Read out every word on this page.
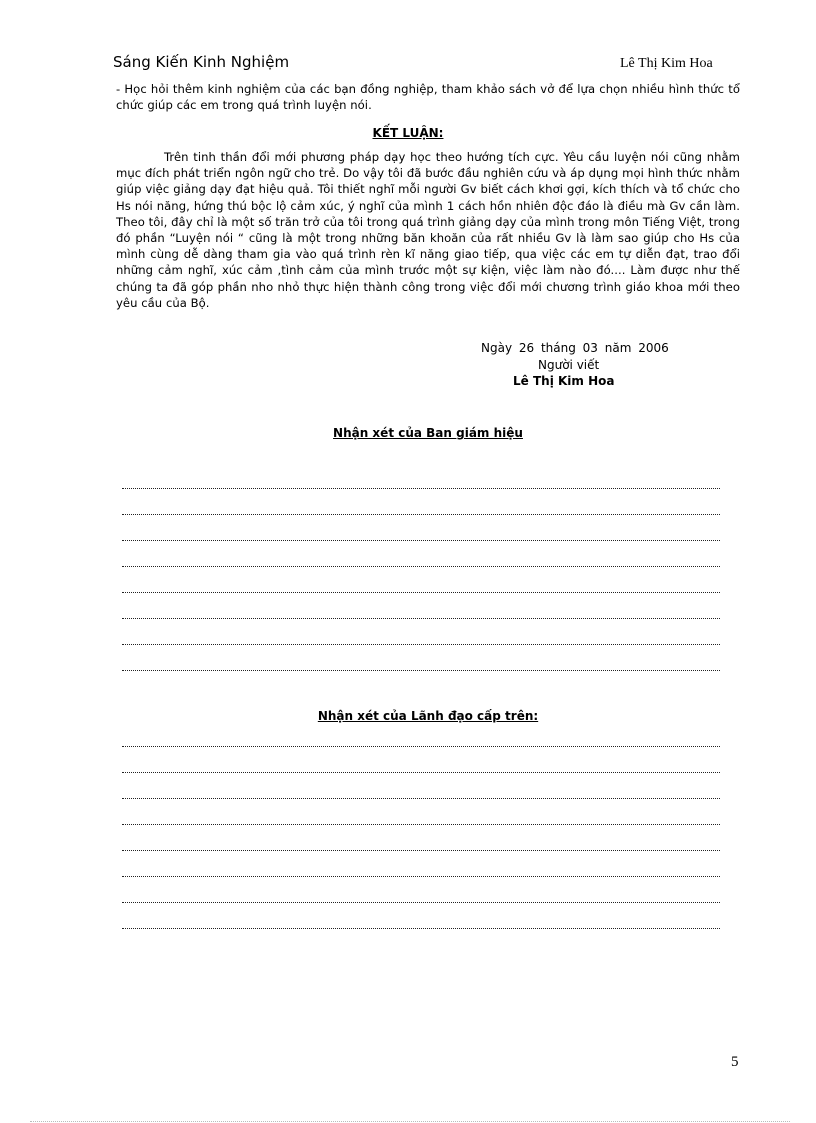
Sáng Kiến Kinh Nghiệm	Lê Thị Kim Hoa
- Học hỏi thêm kinh nghiệm của các bạn đồng nghiệp, tham khảo sách vở để lựa chọn nhiều hình thức tổ chức giúp các em trong quá trình luyện nói.
KẾT LUẬN:
Trên tinh thần đổi mới phương pháp dạy học theo hướng tích cực. Yêu cầu luyện nói cũng nhằm mục đích phát triển ngôn ngữ cho trẻ. Do vậy tôi đã bước đầu nghiên cứu và áp dụng mọi hình thức nhằm giúp việc giảng dạy đạt hiệu quả. Tôi thiết nghĩ mỗi người Gv biết cách khơi gợi, kích thích và tổ chức cho Hs nói năng, hứng thú bộc lộ cảm xúc, ý nghĩ của mình 1 cách hồn nhiên độc đáo là điều mà Gv cần làm. Theo tôi, đây chỉ là một số trăn trở của tôi trong quá trình giảng dạy của mình trong môn Tiếng Việt, trong đó phần “Luyện nói “ cũng là một trong những băn khoăn của rất nhiều Gv là làm sao giúp cho Hs của mình cùng dễ dàng tham gia vào quá trình rèn kĩ năng giao tiếp, qua việc các em tự diễn đạt, trao đổi những cảm nghĩ, xúc cảm ,tình cảm của mình trước một sự kiện, việc làm nào đó.... Làm được như thế chúng ta đã góp phần nho nhỏ thực hiện thành công trong việc đổi mới chương trình giáo khoa mới theo yêu cầu của Bộ.
Ngày 26 tháng 03 năm 2006
Người viết
Lê Thị Kim Hoa
Nhận xét của Ban giám hiệu
Nhận xét của Lãnh đạo cấp trên:
5
